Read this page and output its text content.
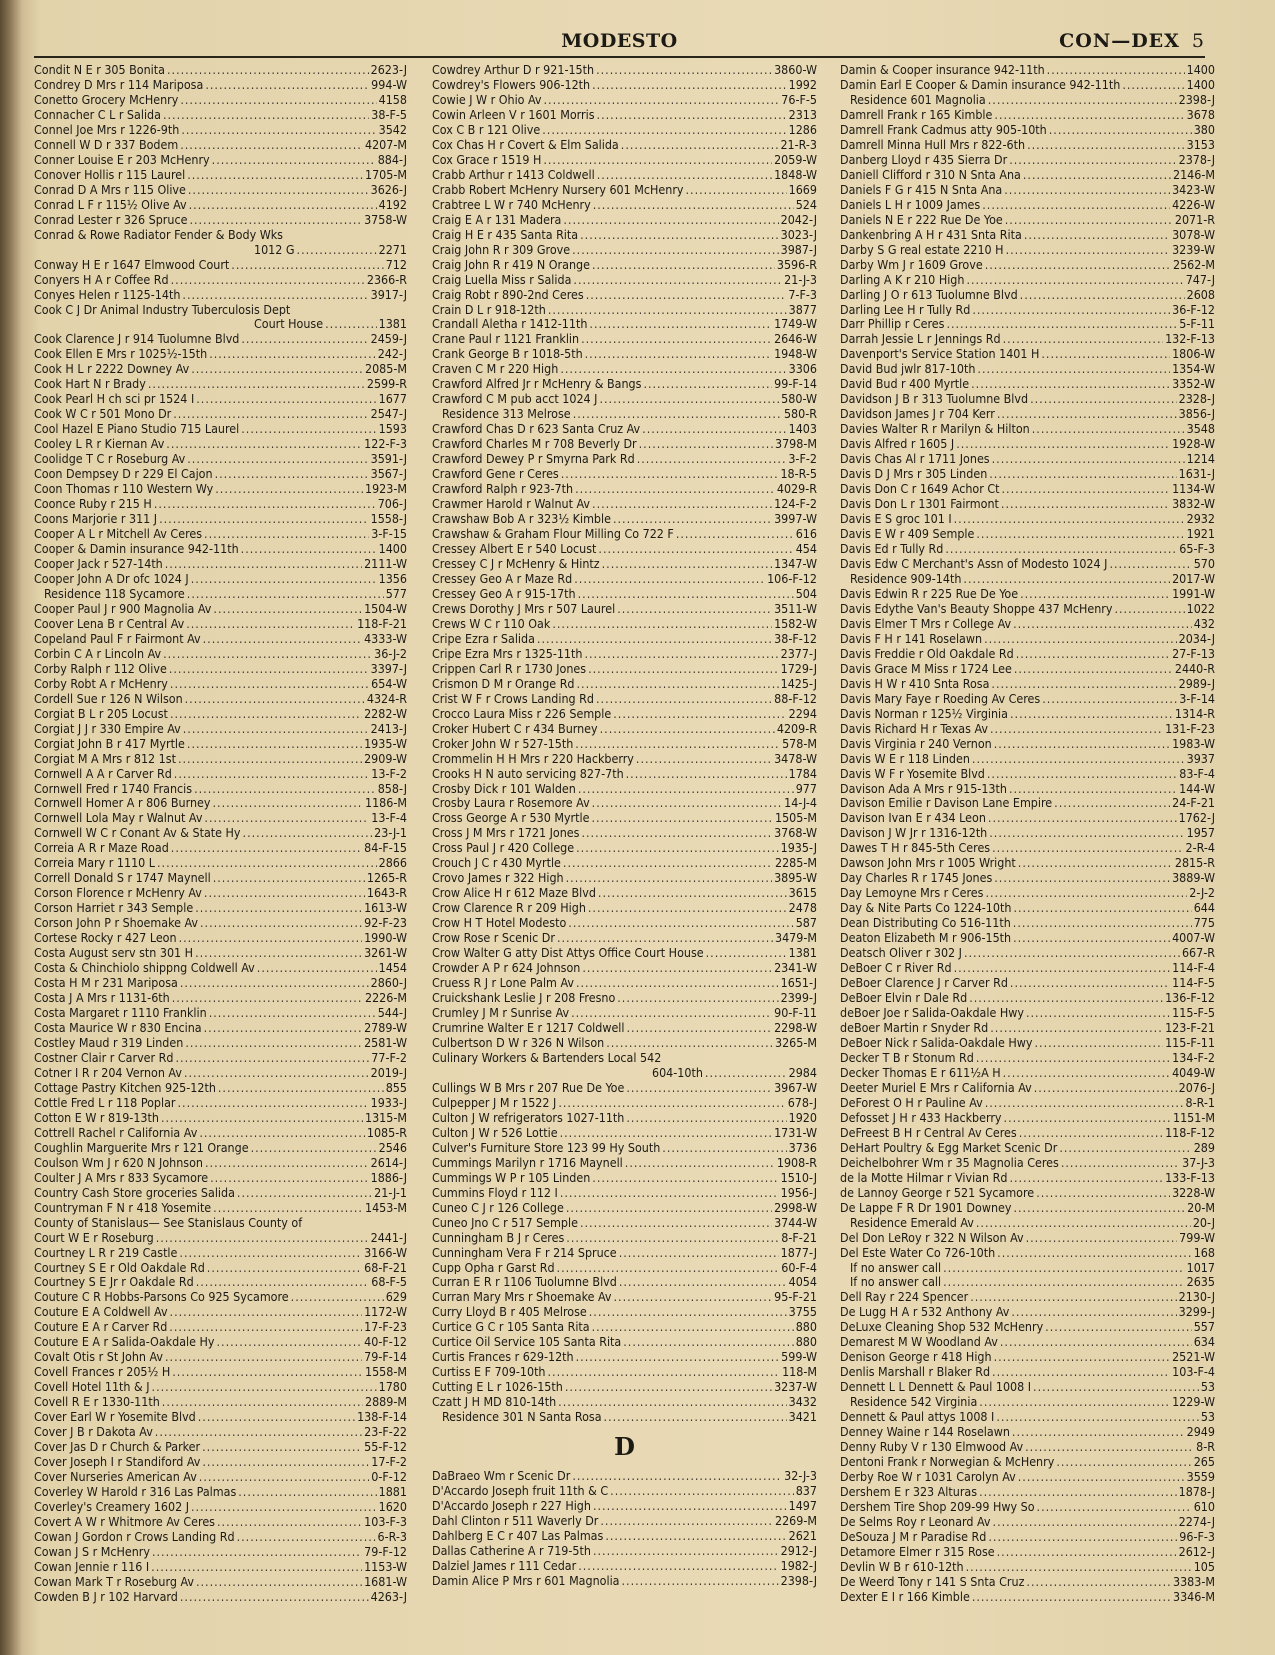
MODESTO	CON—DEX 5
Condit N E r 305 Bonita .....	2623-J
Condrey D Mrs r 114 Mariposa .....	994-W
Conetto Grocery McHenry .....	4158
Connacher C L r Salida .....	38-F-5
Connel Joe Mrs r 1226-9th .....	3542
Connell W D r 337 Bodem .....	4207-M
Conner Louise E r 203 McHenry .....	884-J
Conover Hollis r 115 Laurel .....	1705-M
Conrad D A Mrs r 115 Olive .....	3626-J
Conrad L F r 115½ Olive Av .....	4192
Conrad Lester r 326 Spruce .....	3758-W
Conrad & Rowe Radiator Fender & Body Wks
1012 G .....	2271
Conway H E r 1647 Elmwood Court .....	712
Conyers H A r Coffee Rd .....	2366-R
Conyes Helen r 1125-14th .....	3917-J
Cook C J Dr Animal Industry Tuberculosis Dept
Court House .....	1381
Cook Clarence J r 914 Tuolumne Blvd .....	2459-J
Cook Ellen E Mrs r 1025½-15th .....	242-J
Cook H L r 2222 Downey Av .....	2085-M
Cook Hart N r Brady .....	2599-R
Cook Pearl H ch sci pr 1524 I .....	1677
Cook W C r 501 Mono Dr .....	2547-J
Cool Hazel E Piano Studio 715 Laurel .....	1593
Cooley L R r Kiernan Av .....	122-F-3
Coolidge T C r Roseburg Av .....	3591-J
Coon Dempsey D r 229 El Cajon .....	3567-J
Coon Thomas r 110 Western Wy .....	1923-M
Coonce Ruby r 215 H .....	706-J
Coons Marjorie r 311 J .....	1558-J
Cooper A L r Mitchell Av Ceres .....	3-F-15
Cooper & Damin insurance 942-11th .....	1400
Cooper Jack r 527-14th .....	2111-W
Cooper John A Dr ofc 1024 J .....	1356
Residence 118 Sycamore .....	577
Cooper Paul J r 900 Magnolia Av .....	1504-W
Coover Lena B r Central Av .....	118-F-21
Copeland Paul F r Fairmont Av .....	4333-W
Corbin C A r Lincoln Av .....	36-J-2
Corby Ralph r 112 Olive .....	3397-J
Corby Robt A r McHenry .....	654-W
Cordell Sue r 126 N Wilson .....	4324-R
Corgiat B L r 205 Locust .....	2282-W
Corgiat J J r 330 Empire Av .....	2413-J
Corgiat John B r 417 Myrtle .....	1935-W
Corgiat M A Mrs r 812 1st .....	2909-W
Cornwell A A r Carver Rd .....	13-F-2
Cornwell Fred r 1740 Francis .....	858-J
Cornwell Homer A r 806 Burney .....	1186-M
Cornwell Lola May r Walnut Av .....	13-F-4
Cornwell W C r Conant Av & State Hy .....	23-J-1
Correia A R r Maze Road .....	84-F-15
Correia Mary r 1110 L .....	2866
Correll Donald S r 1747 Maynell .....	1265-R
Corson Florence r McHenry Av .....	1643-R
Corson Harriet r 343 Semple .....	1613-W
Corson John P r Shoemake Av .....	92-F-23
Cortese Rocky r 427 Leon .....	1990-W
Costa August serv stn 301 H .....	3261-W
Costa & Chinchiolo shippng Coldwell Av .....	1454
Costa H M r 231 Mariposa .....	2860-J
Costa J A Mrs r 1131-6th .....	2226-M
Costa Margaret r 1110 Franklin .....	544-J
Costa Maurice W r 830 Encina .....	2789-W
Costley Maud r 319 Linden .....	2581-W
Costner Clair r Carver Rd .....	77-F-2
Cotner I R r 204 Vernon Av .....	2019-J
Cottage Pastry Kitchen 925-12th .....	855
Cottle Fred L r 118 Poplar .....	1933-J
Cotton E W r 819-13th .....	1315-M
Cottrell Rachel r California Av .....	1085-R
Coughlin Marguerite Mrs r 121 Orange .....	2546
Coulson Wm J r 620 N Johnson .....	2614-J
Coulter J A Mrs r 833 Sycamore .....	1886-J
Country Cash Store groceries Salida .....	21-J-1
Countryman F N r 418 Yosemite .....	1453-M
County of Stanislaus— See Stanislaus County of
Court W E r Roseburg .....	2441-J
Courtney L R r 219 Castle .....	3166-W
Courtney S E r Old Oakdale Rd .....	68-F-21
Courtney S E Jr r Oakdale Rd .....	68-F-5
Couture C R Hobbs-Parsons Co 925 Sycamore .....	629
Couture E A Coldwell Av .....	1172-W
Couture E A r Carver Rd .....	17-F-23
Couture E A r Salida-Oakdale Hy .....	40-F-12
Covalt Otis r St John Av .....	79-F-14
Covell Frances r 205½ H .....	1558-M
Covell Hotel 11th & J .....	1780
Covell R E r 1330-11th .....	2889-M
Cover Earl W r Yosemite Blvd .....	138-F-14
Cover J B r Dakota Av .....	23-F-22
Cover Jas D r Church & Parker .....	55-F-12
Cover Joseph I r Standiford Av .....	17-F-2
Cover Nurseries American Av .....	0-F-12
Coverley W Harold r 316 Las Palmas .....	1881
Coverley's Creamery 1602 J .....	1620
Covert A W r Whitmore Av Ceres .....	103-F-3
Cowan J Gordon r Crows Landing Rd .....	6-R-3
Cowan J S r McHenry .....	79-F-12
Cowan Jennie r 116 I .....	1153-W
Cowan Mark T r Roseburg Av .....	1681-W
Cowden B J r 102 Harvard .....	4263-J
Cowdrey Arthur D r 921-15th .....	3860-W
Cowdrey's Flowers 906-12th .....	1992
Cowie J W r Ohio Av .....	76-F-5
Cowin Arleen V r 1601 Morris .....	2313
Cox C B r 121 Olive .....	1286
Cox Chas H r Covert & Elm Salida .....	21-R-3
Cox Grace r 1519 H .....	2059-W
Crabb Arthur r 1413 Coldwell .....	1848-W
Crabb Robert McHenry Nursery 601 McHenry .....	1669
Crabtree L W r 740 McHenry .....	524
Craig E A r 131 Madera .....	2042-J
Craig H E r 435 Santa Rita .....	3023-J
Craig John R r 309 Grove .....	3987-J
Craig John R r 419 N Orange .....	3596-R
Craig Luella Miss r Salida .....	21-J-3
Craig Robt r 890-2nd Ceres .....	7-F-3
Crain D L r 918-12th .....	3877
Crandall Aletha r 1412-11th .....	1749-W
Crane Paul r 1121 Franklin .....	2646-W
Crank George B r 1018-5th .....	1948-W
Craven C M r 220 High .....	3306
Crawford Alfred Jr r McHenry & Bangs .....	99-F-14
Crawford C M pub acct 1024 J .....	580-W
Residence 313 Melrose .....	580-R
Crawford Chas D r 623 Santa Cruz Av .....	1403
Crawford Charles M r 708 Beverly Dr .....	3798-M
Crawford Dewey P r Smyrna Park Rd .....	3-F-2
Crawford Gene r Ceres .....	18-R-5
Crawford Ralph r 923-7th .....	4029-R
Crawmer Harold r Walnut Av .....	124-F-2
Crawshaw Bob A r 323½ Kimble .....	3997-W
Crawshaw & Graham Flour Milling Co 722 F .....	616
Cressey Albert E r 540 Locust .....	454
Cressey C J r McHenry & Hintz .....	1347-W
Cressey Geo A r Maze Rd .....	106-F-12
Cressey Geo A r 915-17th .....	504
Crews Dorothy J Mrs r 507 Laurel .....	3511-W
Crews W C r 110 Oak .....	1582-W
Cripe Ezra r Salida .....	38-F-12
Cripe Ezra Mrs r 1325-11th .....	2377-J
Crippen Carl R r 1730 Jones .....	1729-J
Crismon D M r Orange Rd .....	1425-J
Crist W F r Crows Landing Rd .....	88-F-12
Crocco Laura Miss r 226 Semple .....	2294
Croker Hubert C r 434 Burney .....	4209-R
Croker John W r 527-15th .....	578-M
Crommelin H H Mrs r 220 Hackberry .....	3478-W
Crooks H N auto servicing 827-7th .....	1784
Crosby Dick r 101 Walden .....	977
Crosby Laura r Rosemore Av .....	14-J-4
Cross George A r 530 Myrtle .....	1505-M
Cross J M Mrs r 1721 Jones .....	3768-W
Cross Paul J r 420 College .....	1935-J
Crouch J C r 430 Myrtle .....	2285-M
Crovo James r 322 High .....	3895-W
Crow Alice H r 612 Maze Blvd .....	3615
Crow Clarence R r 209 High .....	2478
Crow H T Hotel Modesto .....	587
Crow Rose r Scenic Dr .....	3479-M
Crow Walter G atty Dist Attys Office Court House .....	1381
Crowder A P r 624 Johnson .....	2341-W
Cruess R J r Lone Palm Av .....	1651-J
Cruickshank Leslie J r 208 Fresno .....	2399-J
Crumley J M r Sunrise Av .....	90-F-11
Crumrine Walter E r 1217 Coldwell .....	2298-W
Culbertson D W r 326 N Wilson .....	3265-M
Culinary Workers & Bartenders Local 542
604-10th .....	2984
Cullings W B Mrs r 207 Rue De Yoe .....	3967-W
Culpepper J M r 1522 J .....	678-J
Culton J W refrigerators 1027-11th .....	1920
Culton J W r 526 Lottie .....	1731-W
Culver's Furniture Store 123 99 Hy South .....	3736
Cummings Marilyn r 1716 Maynell .....	1908-R
Cummings W P r 105 Linden .....	1510-J
Cummins Floyd r 112 I .....	1956-J
Cuneo C J r 126 College .....	2998-W
Cuneo Jno C r 517 Semple .....	3744-W
Cunningham B J r Ceres .....	8-F-21
Cunningham Vera F r 214 Spruce .....	1877-J
Cupp Opha r Garst Rd .....	60-F-4
Curran E R r 1106 Tuolumne Blvd .....	4054
Curran Mary Mrs r Shoemake Av .....	95-F-21
Curry Lloyd B r 405 Melrose .....	3755
Curtice G C r 105 Santa Rita .....	880
Curtice Oil Service 105 Santa Rita .....	880
Curtis Frances r 629-12th .....	599-W
Curtiss E F 709-10th .....	118-M
Cutting E L r 1026-15th .....	3237-W
Czatt J H MD 810-14th .....	3432
Residence 301 N Santa Rosa .....	3421
D
DaBraeo Wm r Scenic Dr .....	32-J-3
D'Accardo Joseph fruit 11th & C .....	837
D'Accardo Joseph r 227 High .....	1497
Dahl Clinton r 511 Waverly Dr .....	2269-M
Dahlberg E C r 407 Las Palmas .....	2621
Dallas Catherine A r 719-5th .....	2912-J
Dalziel James r 111 Cedar .....	1982-J
Damin Alice P Mrs r 601 Magnolia .....	2398-J
Damin & Cooper insurance 942-11th .....	1400
Damin Earl E Cooper & Damin insurance 942-11th .....	1400
Residence 601 Magnolia .....	2398-J
Damrell Frank r 165 Kimble .....	3678
Damrell Frank Cadmus atty 905-10th .....	380
Damrell Minna Hull Mrs r 822-6th .....	3153
Danberg Lloyd r 435 Sierra Dr .....	2378-J
Daniell Clifford r 310 N Snta Ana .....	2146-M
Daniels F G r 415 N Snta Ana .....	3423-W
Daniels L H r 1009 James .....	4226-W
Daniels N E r 222 Rue De Yoe .....	2071-R
Dankenbring A H r 431 Snta Rita .....	3078-W
Darby S G real estate 2210 H .....	3239-W
Darby Wm J r 1609 Grove .....	2562-M
Darling A K r 210 High .....	747-J
Darling J O r 613 Tuolumne Blvd .....	2608
Darling Lee H r Tully Rd .....	36-F-12
Darr Phillip r Ceres .....	5-F-11
Darrah Jessie L r Jennings Rd .....	132-F-13
Davenport's Service Station 1401 H .....	1806-W
David Bud jwlr 817-10th .....	1354-W
David Bud r 400 Myrtle .....	3352-W
Davidson J B r 313 Tuolumne Blvd .....	2328-J
Davidson James J r 704 Kerr .....	3856-J
Davies Walter R r Marilyn & Hilton .....	3548
Davis Alfred r 1605 J .....	1928-W
Davis Chas Al r 1711 Jones .....	1214
Davis D J Mrs r 305 Linden .....	1631-J
Davis Don C r 1649 Achor Ct .....	1134-W
Davis Don L r 1301 Fairmont .....	3832-W
Davis E S groc 101 I .....	2932
Davis E W r 409 Semple .....	1921
Davis Ed r Tully Rd .....	65-F-3
Davis Edw C Merchant's Assn of Modesto 1024 J .....	570
Residence 909-14th .....	2017-W
Davis Edwin R r 225 Rue De Yoe .....	1991-W
Davis Edythe Van's Beauty Shoppe 437 McHenry .....	1022
Davis Elmer T Mrs r College Av .....	432
Davis F H r 141 Roselawn .....	2034-J
Davis Freddie r Old Oakdale Rd .....	27-F-13
Davis Grace M Miss r 1724 Lee .....	2440-R
Davis H W r 410 Snta Rosa .....	2989-J
Davis Mary Faye r Roeding Av Ceres .....	3-F-14
Davis Norman r 125½ Virginia .....	1314-R
Davis Richard H r Texas Av .....	131-F-23
Davis Virginia r 240 Vernon .....	1983-W
Davis W E r 118 Linden .....	3937
Davis W F r Yosemite Blvd .....	83-F-4
Davison Ada A Mrs r 915-13th .....	144-W
Davison Emilie r Davison Lane Empire .....	24-F-21
Davison Ivan E r 434 Leon .....	1762-J
Davison J W Jr r 1316-12th .....	1957
Dawes T H r 845-5th Ceres .....	2-R-4
Dawson John Mrs r 1005 Wright .....	2815-R
Day Charles R r 1745 Jones .....	3889-W
Day Lemoyne Mrs r Ceres .....	2-J-2
Day & Nite Parts Co 1224-10th .....	644
Dean Distributing Co 516-11th .....	775
Deaton Elizabeth M r 906-15th .....	4007-W
Deatsch Oliver r 302 J .....	667-R
DeBoer C r River Rd .....	114-F-4
DeBoer Clarence J r Carver Rd .....	114-F-5
DeBoer Elvin r Dale Rd .....	136-F-12
deBoer Joe r Salida-Oakdale Hwy .....	115-F-5
deBoer Martin r Snyder Rd .....	123-F-21
DeBoer Nick r Salida-Oakdale Hwy .....	115-F-11
Decker T B r Stonum Rd .....	134-F-2
Decker Thomas E r 611½A H .....	4049-W
Deeter Muriel E Mrs r California Av .....	2076-J
DeForest O H r Pauline Av .....	8-R-1
Defosset J H r 433 Hackberry .....	1151-M
DeFreest B H r Central Av Ceres .....	118-F-12
DeHart Poultry & Egg Market Scenic Dr .....	289
Deichelbohrer Wm r 35 Magnolia Ceres .....	37-J-3
de la Motte Hilmar r Vivian Rd .....	133-F-13
de Lannoy George r 521 Sycamore .....	3228-W
De Lappe F R Dr 1901 Downey .....	20-M
Residence Emerald Av .....	20-J
Del Don LeRoy r 322 N Wilson Av .....	799-W
Del Este Water Co 726-10th .....	168
If no answer call .....	1017
If no answer call .....	2635
Dell Ray r 224 Spencer .....	2130-J
De Lugg H A r 532 Anthony Av .....	3299-J
DeLuxe Cleaning Shop 532 McHenry .....	557
Demarest M W Woodland Av .....	634
Denison George r 418 High .....	2521-W
Denlis Marshall r Blaker Rd .....	103-F-4
Dennett L L Dennett & Paul 1008 I .....	53
Residence 542 Virginia .....	1229-W
Dennett & Paul attys 1008 I .....	53
Denney Waine r 144 Roselawn .....	2949
Denny Ruby V r 130 Elmwood Av .....	8-R
Dentoni Frank r Norwegian & McHenry .....	265
Derby Roe W r 1031 Carolyn Av .....	3559
Dershem E r 323 Alturas .....	1878-J
Dershem Tire Shop 209-99 Hwy So .....	610
De Selms Roy r Leonard Av .....	2274-J
DeSouza J M r Paradise Rd .....	96-F-3
Detamore Elmer r 315 Rose .....	2612-J
Devlin W B r 610-12th .....	105
De Weerd Tony r 141 S Snta Cruz .....	3383-M
Dexter E I r 166 Kimble .....	3346-M
